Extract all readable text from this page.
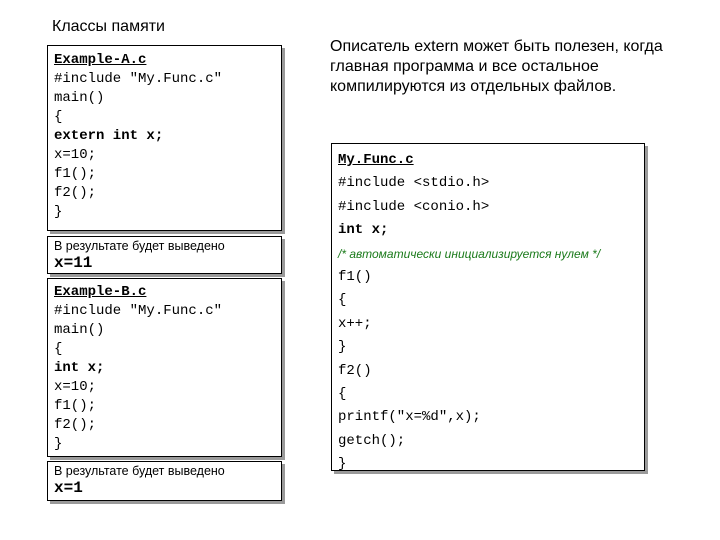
Классы памяти
Example-A.c
#include "My.Func.c"
main()
{
extern int x;
x=10;
f1();
f2();
}
В результате будет выведено
x=11
Example-B.c
#include "My.Func.c"
main()
{
int x;
x=10;
f1();
f2();
}
В результате будет выведено
x=1
Описатель extern может быть полезен, когда главная программа и все остальное компилируются из отдельных файлов.
My.Func.c
#include <stdio.h>
#include <conio.h>
int x;
/* автоматически инициализируется нулем */
f1()
{
x++;
}
f2()
{
printf("x=%d",x);
getch();
}
